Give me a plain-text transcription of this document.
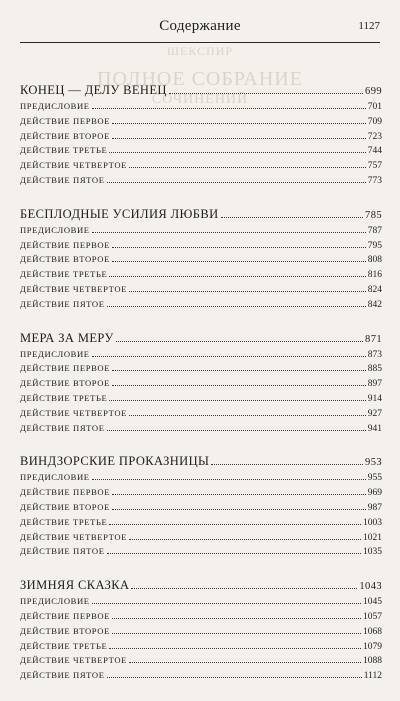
Содержание	1127
ШЕКСПИР
ПОЛНОЕ СОБРАНИЕ
СОЧИНЕНИЙ
КОНЕЦ — ДЕЛУ ВЕНЕЦ	699
ПРЕДИСЛОВИЕ	701
ДЕЙСТВИЕ ПЕРВОЕ	709
ДЕЙСТВИЕ ВТОРОЕ	723
ДЕЙСТВИЕ ТРЕТЬЕ	744
ДЕЙСТВИЕ ЧЕТВЕРТОЕ	757
ДЕЙСТВИЕ ПЯТОЕ	773
БЕСПЛОДНЫЕ УСИЛИЯ ЛЮБВИ	785
ПРЕДИСЛОВИЕ	787
ДЕЙСТВИЕ ПЕРВОЕ	795
ДЕЙСТВИЕ ВТОРОЕ	808
ДЕЙСТВИЕ ТРЕТЬЕ	816
ДЕЙСТВИЕ ЧЕТВЕРТОЕ	824
ДЕЙСТВИЕ ПЯТОЕ	842
МЕРА ЗА МЕРУ	871
ПРЕДИСЛОВИЕ	873
ДЕЙСТВИЕ ПЕРВОЕ	885
ДЕЙСТВИЕ ВТОРОЕ	897
ДЕЙСТВИЕ ТРЕТЬЕ	914
ДЕЙСТВИЕ ЧЕТВЕРТОЕ	927
ДЕЙСТВИЕ ПЯТОЕ	941
ВИНДЗОРСКИЕ ПРОКАЗНИЦЫ	953
ПРЕДИСЛОВИЕ	955
ДЕЙСТВИЕ ПЕРВОЕ	969
ДЕЙСТВИЕ ВТОРОЕ	987
ДЕЙСТВИЕ ТРЕТЬЕ	1003
ДЕЙСТВИЕ ЧЕТВЕРТОЕ	1021
ДЕЙСТВИЕ ПЯТОЕ	1035
ЗИМНЯЯ СКАЗКА	1043
ПРЕДИСЛОВИЕ	1045
ДЕЙСТВИЕ ПЕРВОЕ	1057
ДЕЙСТВИЕ ВТОРОЕ	1068
ДЕЙСТВИЕ ТРЕТЬЕ	1079
ДЕЙСТВИЕ ЧЕТВЕРТОЕ	1088
ДЕЙСТВИЕ ПЯТОЕ	1112
